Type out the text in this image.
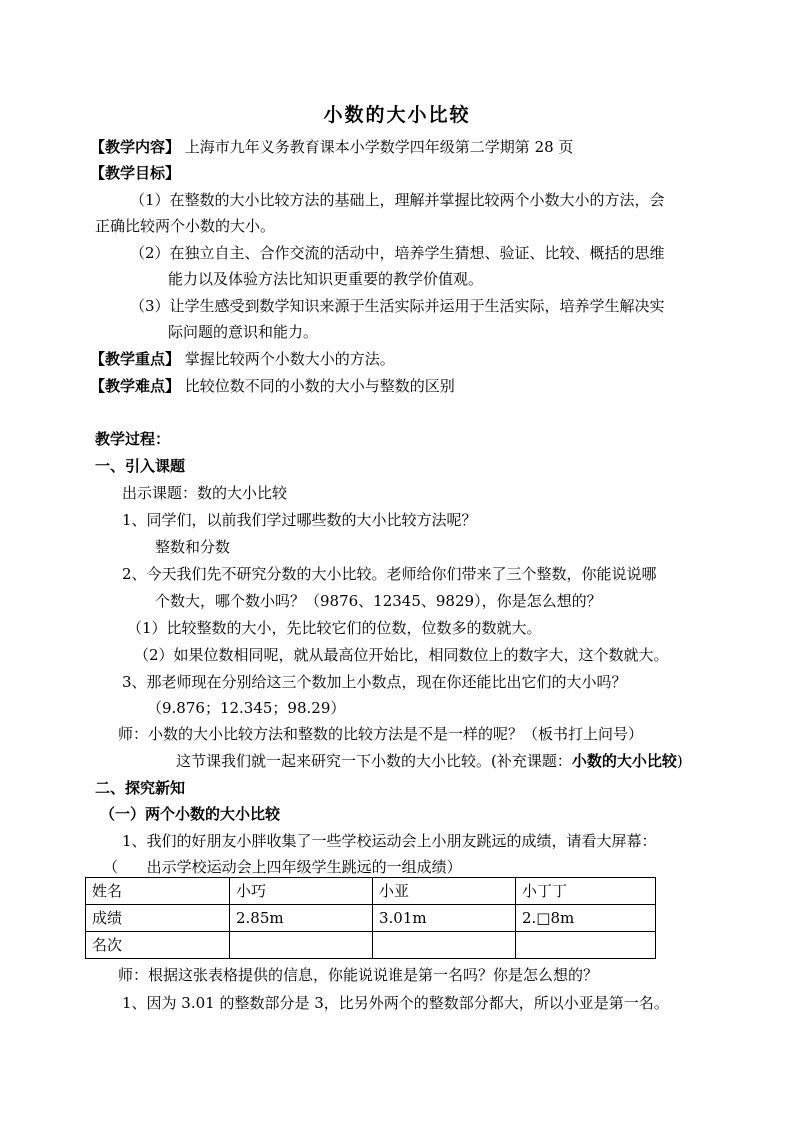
小数的大小比较
【教学内容】 上海市九年义务教育课本小学数学四年级第二学期第 28 页
【教学目标】
（1）在整数的大小比较方法的基础上，理解并掌握比较两个小数大小的方法，会
正确比较两个小数的大小。
（2）在独立自主、合作交流的活动中，培养学生猜想、验证、比较、概括的思维
能力以及体验方法比知识更重要的教学价值观。
（3）让学生感受到数学知识来源于生活实际并运用于生活实际，培养学生解决实
际问题的意识和能力。
【教学重点】 掌握比较两个小数大小的方法。
【教学难点】 比较位数不同的小数的大小与整数的区别
教学过程：
一、引入课题
出示课题：数的大小比较
1、同学们，以前我们学过哪些数的大小比较方法呢？
整数和分数
2、今天我们先不研究分数的大小比较。老师给你们带来了三个整数，你能说说哪
个数大，哪个数小吗？（9876、12345、9829），你是怎么想的？
（1）比较整数的大小，先比较它们的位数，位数多的数就大。
（2）如果位数相同呢，就从最高位开始比，相同数位上的数字大，这个数就大。
3、那老师现在分别给这三个数加上小数点，现在你还能比出它们的大小吗？
（9.876；12.345；98.29）
师：小数的大小比较方法和整数的比较方法是不是一样的呢？（板书打上问号）
这节课我们就一起来研究一下小数的大小比较。(补充课题：小数的大小比较)
二、探究新知
（一）两个小数的大小比较
1、我们的好朋友小胖收集了一些学校运动会上小朋友跳远的成绩，请看大屏幕：
（      出示学校运动会上四年级学生跳远的一组成绩）
姓名	小巧	小亚	小丁丁
成绩	2.85m	3.01m	2.□8m
名次			
师：根据这张表格提供的信息，你能说说谁是第一名吗？你是怎么想的？
1、因为 3.01 的整数部分是 3，比另外两个的整数部分都大，所以小亚是第一名。
